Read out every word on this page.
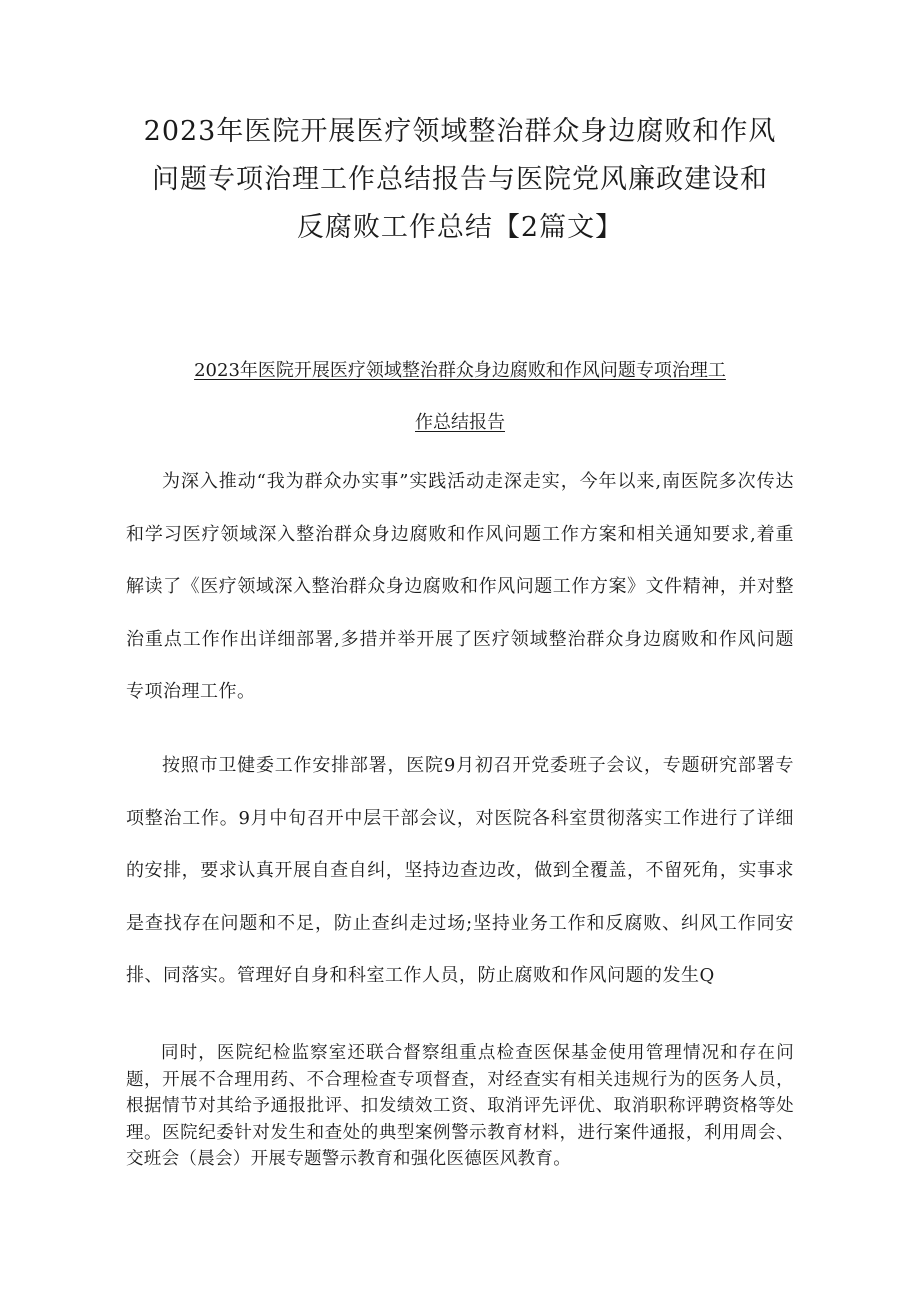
2023年医院开展医疗领域整治群众身边腐败和作风
问题专项治理工作总结报告与医院党风廉政建设和
反腐败工作总结【2篇文】
2023年医院开展医疗领域整治群众身边腐败和作风问题专项治理工
作总结报告

为深入推动“我为群众办实事”实践活动走深走实，今年以来,南医院多次传达和学习医疗领域深入整治群众身边腐败和作风问题工作方案和相关通知要求,着重解读了《医疗领域深入整治群众身边腐败和作风问题工作方案》文件精神，并对整治重点工作作出详细部署,多措并举开展了医疗领域整治群众身边腐败和作风问题专项治理工作。

按照市卫健委工作安排部署，医院9月初召开党委班子会议，专题研究部署专项整治工作。9月中旬召开中层干部会议，对医院各科室贯彻落实工作进行了详细的安排，要求认真开展自查自纠，坚持边查边改，做到全覆盖，不留死角，实事求是查找存在问题和不足，防止查纠走过场;坚持业务工作和反腐败、纠风工作同安排、同落实。管理好自身和科室工作人员，防止腐败和作风问题的发生Q

同时，医院纪检监察室还联合督察组重点检查医保基金使用管理情况和存在问题，开展不合理用药、不合理检查专项督查，对经查实有相关违规行为的医务人员，根据情节对其给予通报批评、扣发绩效工资、取消评先评优、取消职称评聘资格等处理。医院纪委针对发生和查处的典型案例警示教育材料，进行案件通报，利用周会、交班会（晨会）开展专题警示教育和强化医德医风教育。
